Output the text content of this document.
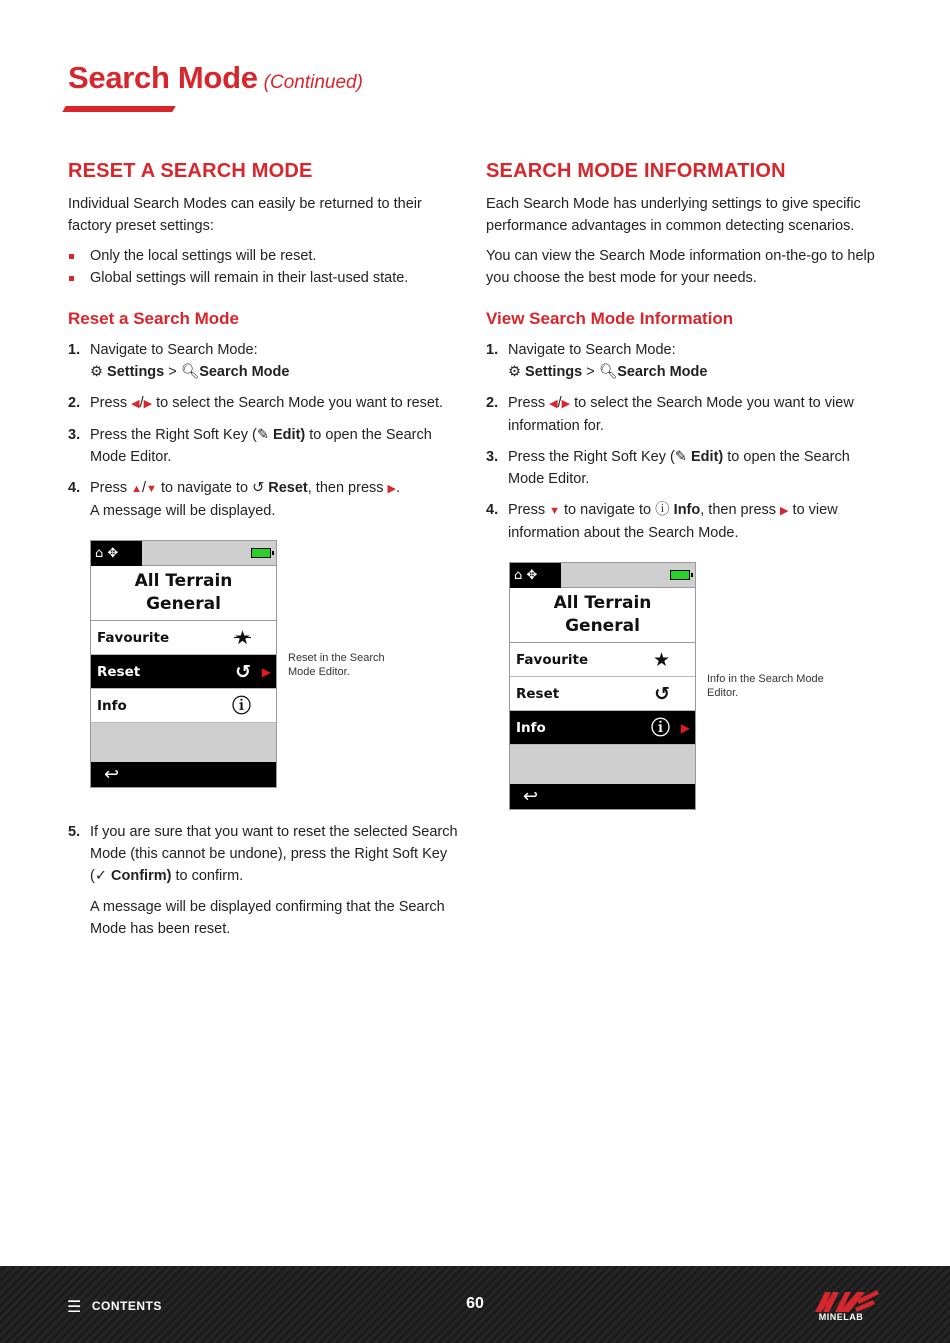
Search Mode (Continued)
RESET A SEARCH MODE

Individual Search Modes can easily be returned to their factory preset settings:

Only the local settings will be reset.
Global settings will remain in their last-used state.
Reset a Search Mode
1. Navigate to Search Mode:
⚙ Settings > 🔍︎Search Mode
2. Press ◀/▶ to select the Search Mode you want to reset.
3. Press the Right Soft Key (✎ Edit) to open the Search Mode Editor.
4. Press ▲/▼ to navigate to ↺ Reset, then press ▶.
A message will be displayed.
5. If you are sure that you want to reset the selected Search Mode (this cannot be undone), press the Right Soft Key (✓ Confirm) to confirm.

A message will be displayed confirming that the Search Mode has been reset.

⌂ ✥
All Terrain
General
Favourite	★
Reset	↺ ▶
Info	ⓘ
↩
Reset in the Search Mode Editor.
SEARCH MODE INFORMATION

Each Search Mode has underlying settings to give specific performance advantages in common detecting scenarios.

You can view the Search Mode information on-the-go to help you choose the best mode for your needs.

View Search Mode Information
1. Navigate to Search Mode:
⚙ Settings > 🔍︎Search Mode
2. Press ◀/▶ to select the Search Mode you want to view information for.
3. Press the Right Soft Key (✎ Edit) to open the Search Mode Editor.
4. Press ▼ to navigate to ⓘ Info, then press ▶ to view information about the Search Mode.
⌂ ✥
All Terrain
General
Favourite	★
Reset	↺
Info	ⓘ ▶
↩
Info in the Search Mode Editor.
☰ CONTENTS	60
MINELAB
